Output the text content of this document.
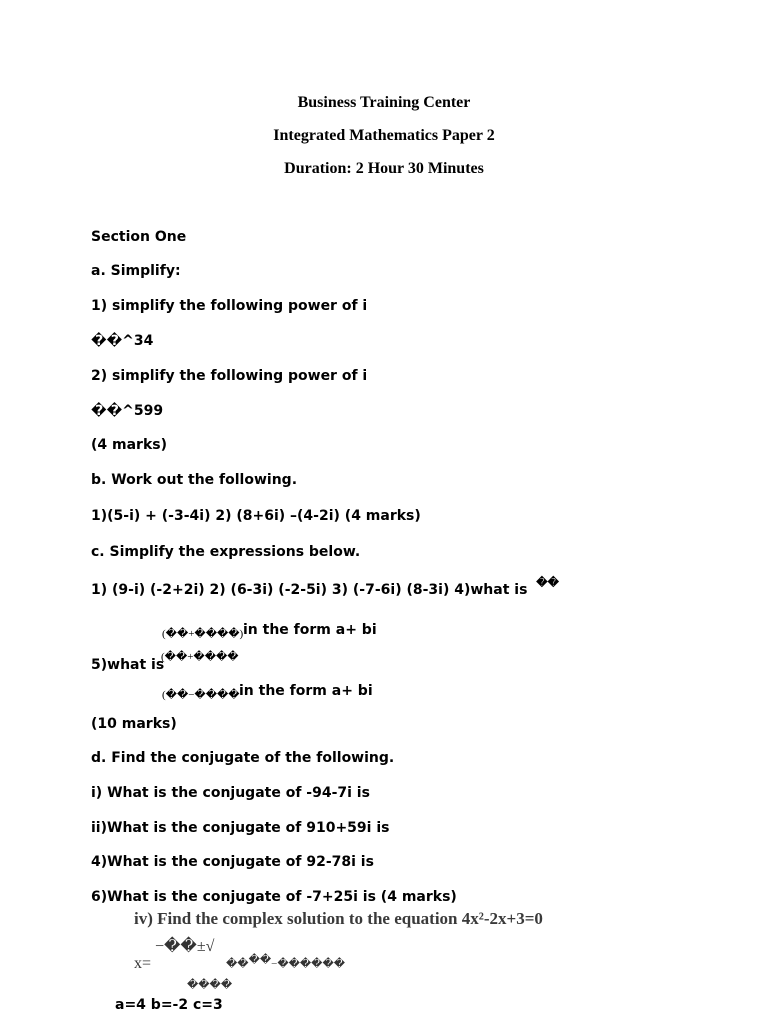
Business Training Center
Integrated Mathematics Paper 2
Duration: 2 Hour 30 Minutes
Section One
a. Simplify:
1) simplify the following power of i
��^34
2) simplify the following power of i
��^599
(4 marks)
b. Work out the following.
1)(5-i) + (-3-4i) 2) (8+6i) –(4-2i) (4 marks)
c. Simplify the expressions below.
1) (9-i) (-2+2i) 2) (6-3i) (-2-5i) 3) (-7-6i) (8-3i) 4)what is ��
(��+����) in the form a+ bi
5)what is
(��+����
(��−���� in the form a+ bi
(10 marks)
d. Find the conjugate of the following.
i) What is the conjugate of -94-7i is
ii)What is the conjugate of 910+59i is
4)What is the conjugate of 92-78i is
6)What is the conjugate of -7+25i is (4 marks)
iv) Find the complex solution to the equation 4x²-2x+3=0
x=
−��±√
����−������
����
a=4 b=-2 c=3
